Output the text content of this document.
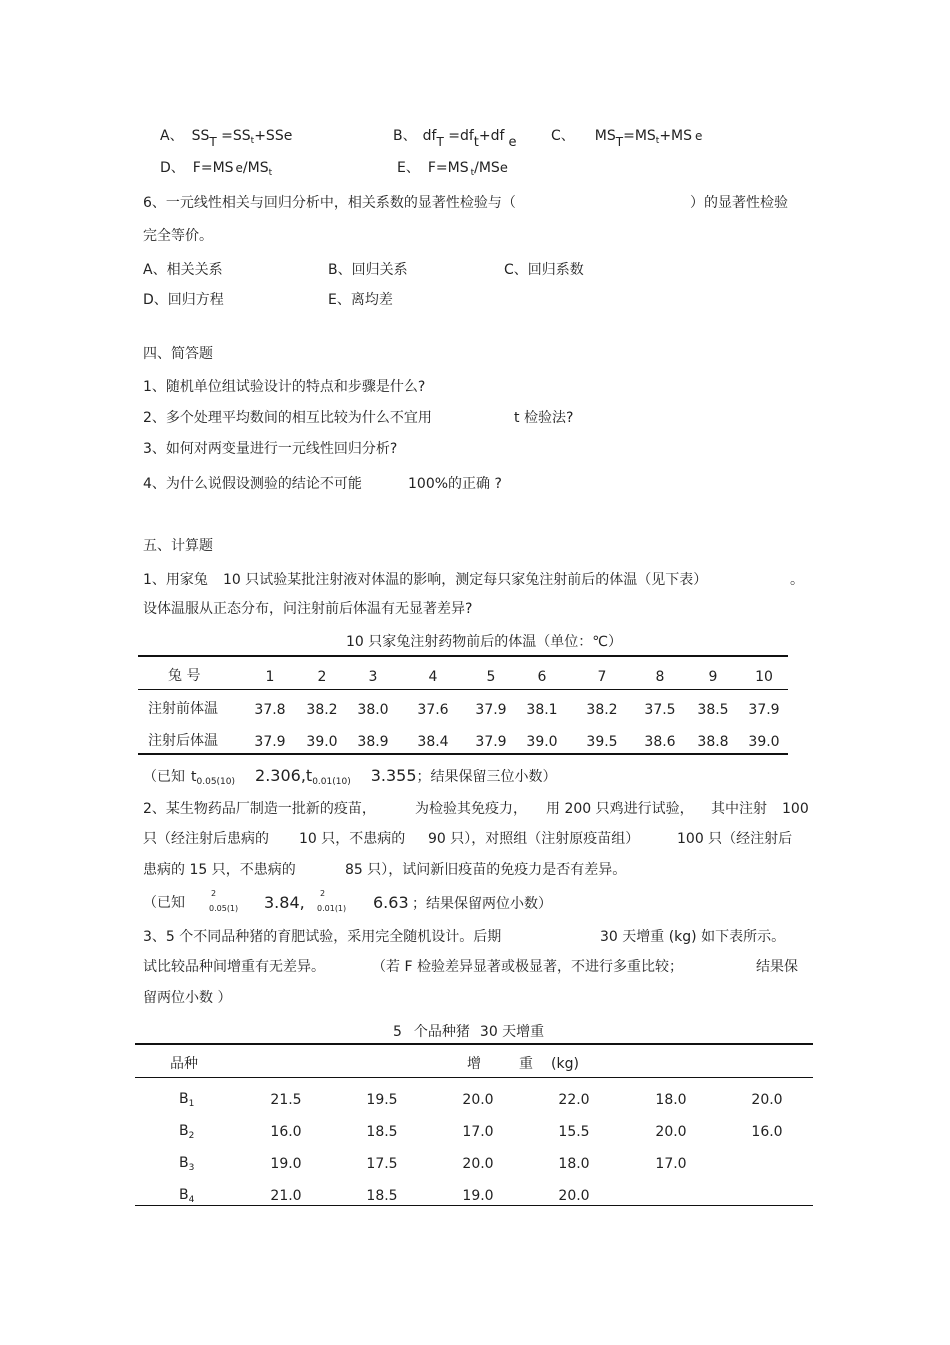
A、 SST $=SS_t+SSe$	B、 dfT =dft+df e C、 $MST=MS_t+MS$ e
D、 F=MS $e/MS_t$	E、 F=MS $_t$/MSe
6、一元线性相关与回归分析中，相关系数的显著性检验与（	）的显著性检验
完全等价。
A、相关关系	B、回归关系	C、回归系数
D、回归方程	E、离均差
四、简答题
1、随机单位组试验设计的特点和步骤是什么?
2、多个处理平均数间的相互比较为什么不宜用	t 检验法?
3、如何对两变量进行一元线性回归分析?
4、为什么说假设测验的结论不可能	100%的正确 ?
五、计算题
1、用家兔 10 只试验某批注射液对体温的影响，测定每只家兔注射前后的体温（见下表）	。
设体温服从正态分布，问注射前后体温有无显著差异?
10 只家兔注射药物前后的体温（单位：℃）
兔 号	1	2	3	4	5	6	7	8	9	10
注射前体温	37.8 38.2 38.0 37.6 37.9 38.1 38.2 37.5 38.5 37.9
注射后体温	37.9 39.0 38.9 38.4 37.9 39.0 39.5 38.6 38.8 39.0
（已知 $t_{0.05(10)}$ $2.306,t_{0.01(10)}$ 3.355；结果保留三位小数）
2、某生物药品厂制造一批新的疫苗，	为检验其免疫力， 用 200 只鸡进行试验， 其中注射 100
只（经注射后患病的 10 只，不患病的 90 只），对照组（注射原疫苗组）	100 只（经注射后
患病的 15 只，不患病的	85 只），试问新旧疫苗的免疫力是否有差异。
（已知
2
0.05(1) 3.84, 2
0.01(1) 6.63 ；结果保留两位小数）
3、5 个不同品种猪的育肥试验，采用完全随机设计。后期	30 天增重 (kg) 如下表所示。
试比较品种间增重有无差异。	（若 F 检验差异显著或极显著，不进行多重比较；	结果保
留两位小数 ）
5 个品种猪 30 天增重
品种	增	重 (kg)
$B_1$	21.5	19.5	20.0	22.0	18.0	20.0
$B_2$	16.0	18.5	17.0	15.5	20.0	16.0
$B_3$	19.0	17.5	20.0	18.0	17.0
$B_4$	21.0	18.5	19.0	20.0
